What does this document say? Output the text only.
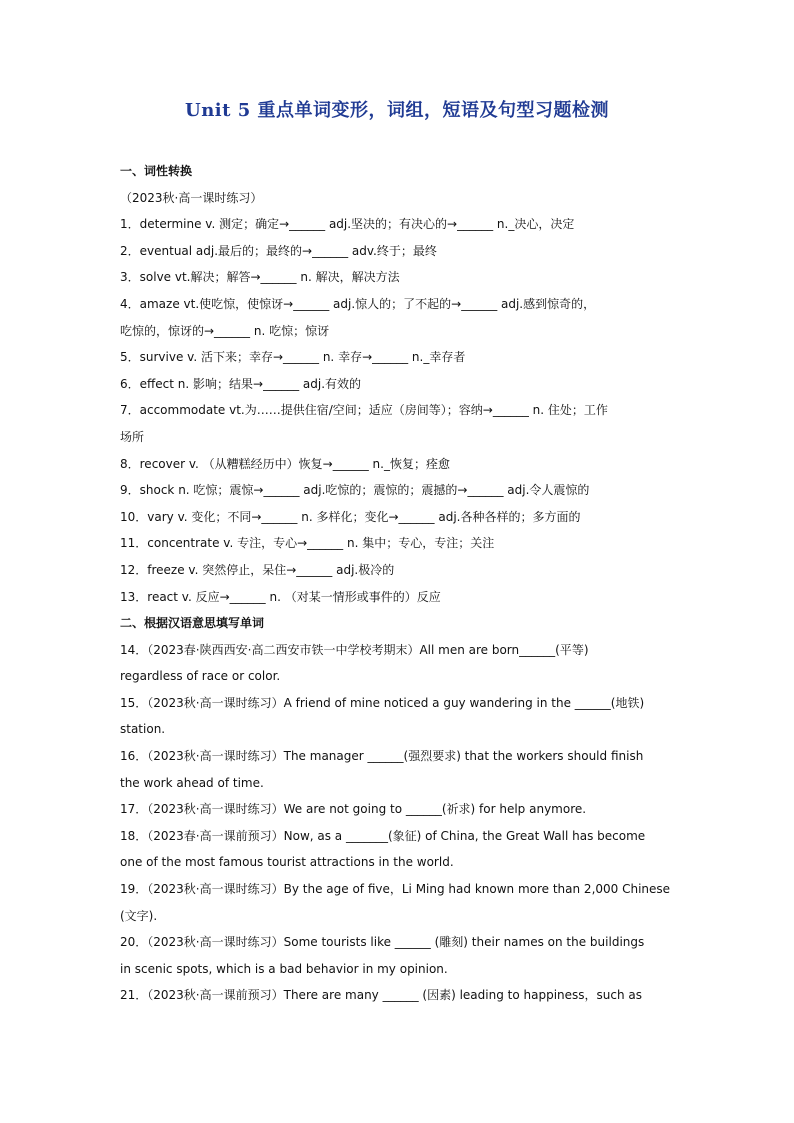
Unit 5 重点单词变形，词组，短语及句型习题检测
一、词性转换
（2023秋·高一课时练习）
1．determine v. 测定；确定→______ adj.坚决的；有决心的→______ n._决心，决定
2．eventual adj.最后的；最终的→______ adv.终于；最终
3．solve vt.解决；解答→______ n. 解决，解决方法
4．amaze vt.使吃惊，使惊讶→______ adj.惊人的；了不起的→______ adj.感到惊奇的，
吃惊的，惊讶的→______ n. 吃惊；惊讶
5．survive v. 活下来；幸存→______ n. 幸存→______ n._幸存者
6．effect n. 影响；结果→______ adj.有效的
7．accommodate vt.为……提供住宿/空间；适应（房间等）；容纳→______ n. 住处；工作
场所
8．recover v. （从糟糕经历中）恢复→______ n._恢复；痊愈
9．shock n. 吃惊；震惊→______ adj.吃惊的；震惊的；震撼的→______ adj.令人震惊的
10．vary v. 变化；不同→______ n. 多样化；变化→______ adj.各种各样的；多方面的
11．concentrate v. 专注，专心→______ n. 集中；专心，专注；关注
12．freeze v. 突然停止，呆住→______ adj.极冷的
13．react v. 反应→______ n. （对某一情形或事件的）反应
二、根据汉语意思填写单词
14．（2023春·陕西西安·高二西安市铁一中学校考期末）All men are born______(平等)
regardless of race or color.
15．（2023秋·高一课时练习）A friend of mine noticed a guy wandering in the ______(地铁)
station.
16．（2023秋·高一课时练习）The manager ______(强烈要求) that the workers should finish
the work ahead of time.
17．（2023秋·高一课时练习）We are not going to ______(祈求) for help anymore.
18．（2023春·高一课前预习）Now, as a _______(象征) of China, the Great Wall has become
one of the most famous tourist attractions in the world.
19．（2023秋·高一课时练习）By the age of five，Li Ming had known more than 2,000 Chinese
(文字).
20．（2023秋·高一课时练习）Some tourists like ______ (雕刻) their names on the buildings
in scenic spots, which is a bad behavior in my opinion.
21．（2023秋·高一课前预习）There are many ______ (因素) leading to happiness，such as
